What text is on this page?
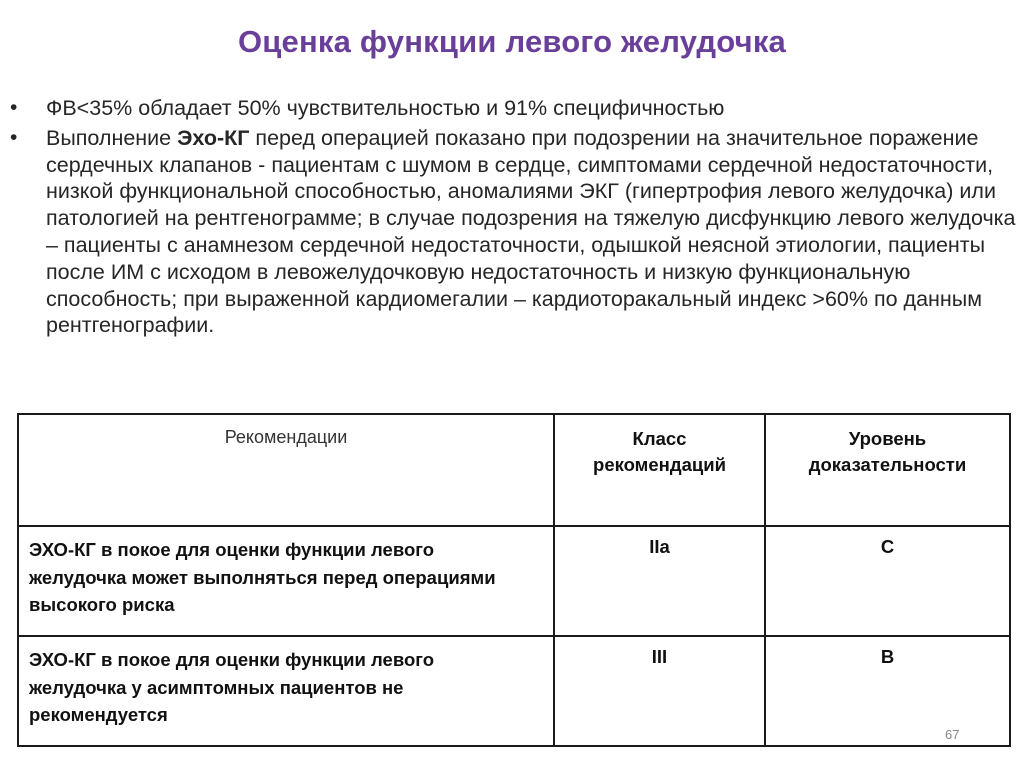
Оценка функции левого желудочка
• ФВ<35% обладает 50% чувствительностью и 91% специфичностью
• Выполнение Эхо-КГ перед операцией показано при подозрении на значительное поражение сердечных клапанов - пациентам с шумом в сердце, симптомами сердечной недостаточности, низкой функциональной способностью, аномалиями ЭКГ (гипертрофия левого желудочка) или патологией на рентгенограмме; в случае подозрения на тяжелую дисфункцию левого желудочка – пациенты с анамнезом сердечной недостаточности, одышкой неясной этиологии, пациенты после ИМ с исходом в левожелудочковую недостаточность и низкую функциональную способность; при выраженной кардиомегалии – кардиоторакальный индекс >60% по данным рентгенографии.
Рекомендации	Класс рекомендаций	Уровень доказательности

ЭХО-КГ в покое для оценки функции левого желудочка может выполняться перед операциями высокого риска	IIa	C

ЭХО-КГ в покое для оценки функции левого желудочка у асимптомных пациентов не рекомендуется	III	B
67
